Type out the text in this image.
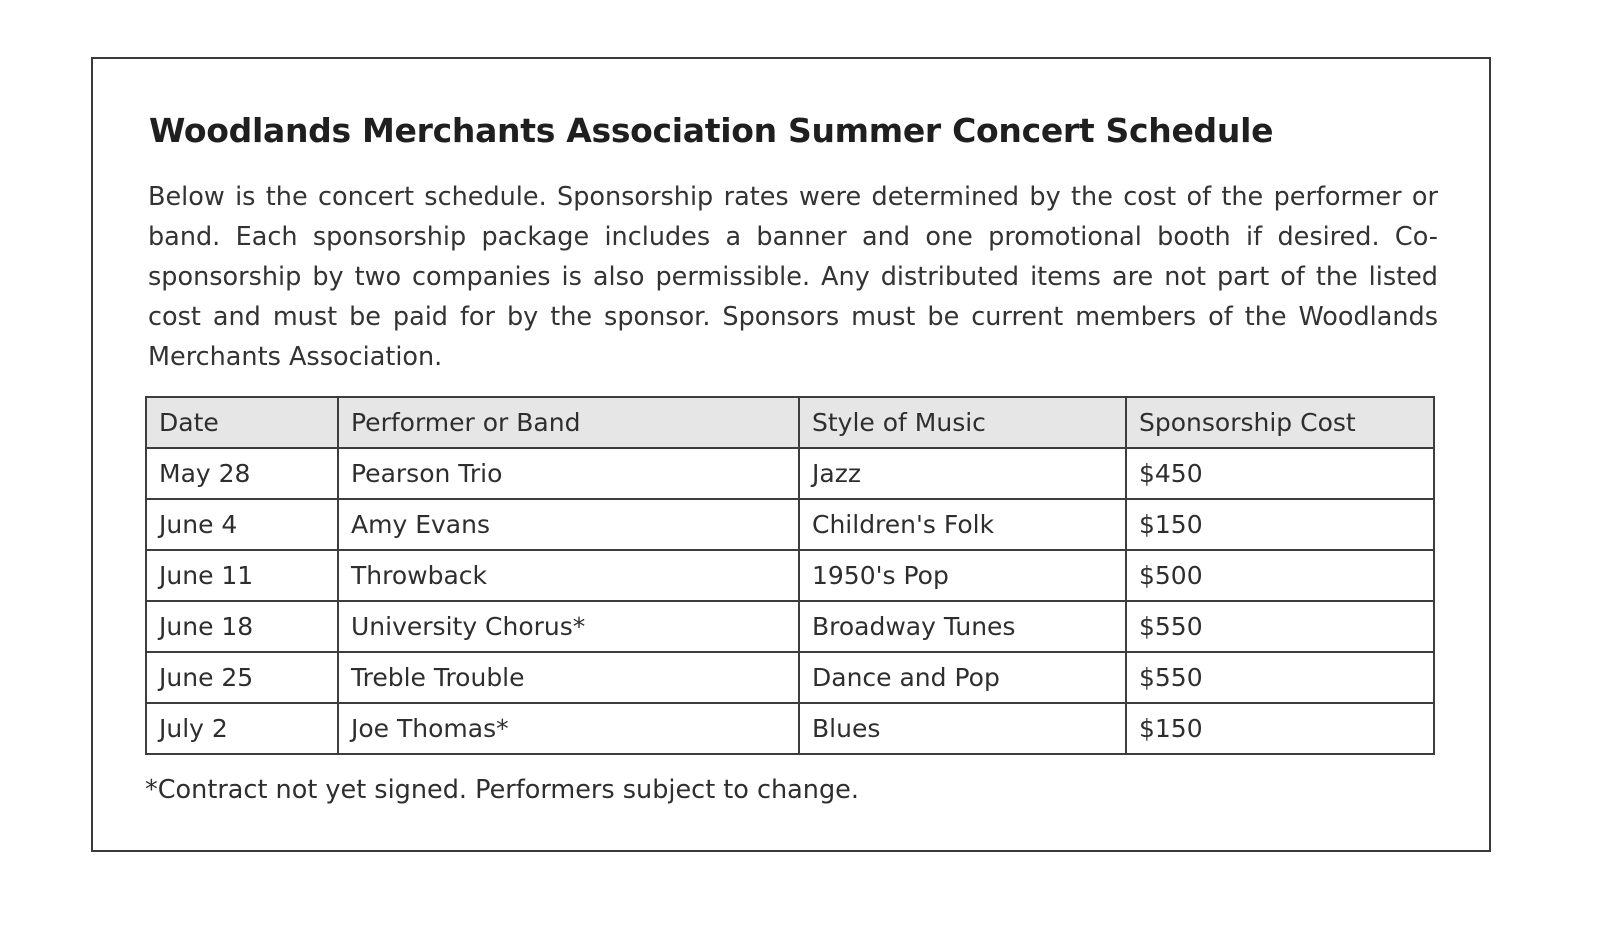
Woodlands Merchants Association Summer Concert Schedule

Below is the concert schedule. Sponsorship rates were determined by the cost of the performer or band. Each sponsorship package includes a banner and one promotional booth if desired. Co-sponsorship by two companies is also permissible. Any distributed items are not part of the listed cost and must be paid for by the sponsor. Sponsors must be current members of the Woodlands Merchants Association.

Date	Performer or Band	Style of Music	Sponsorship Cost
May 28	Pearson Trio	Jazz	$450
June 4	Amy Evans	Children's Folk	$150
June 11	Throwback	1950's Pop	$500
June 18	University Chorus*	Broadway Tunes	$550
June 25	Treble Trouble	Dance and Pop	$550
July 2	Joe Thomas*	Blues	$150

*Contract not yet signed. Performers subject to change.
